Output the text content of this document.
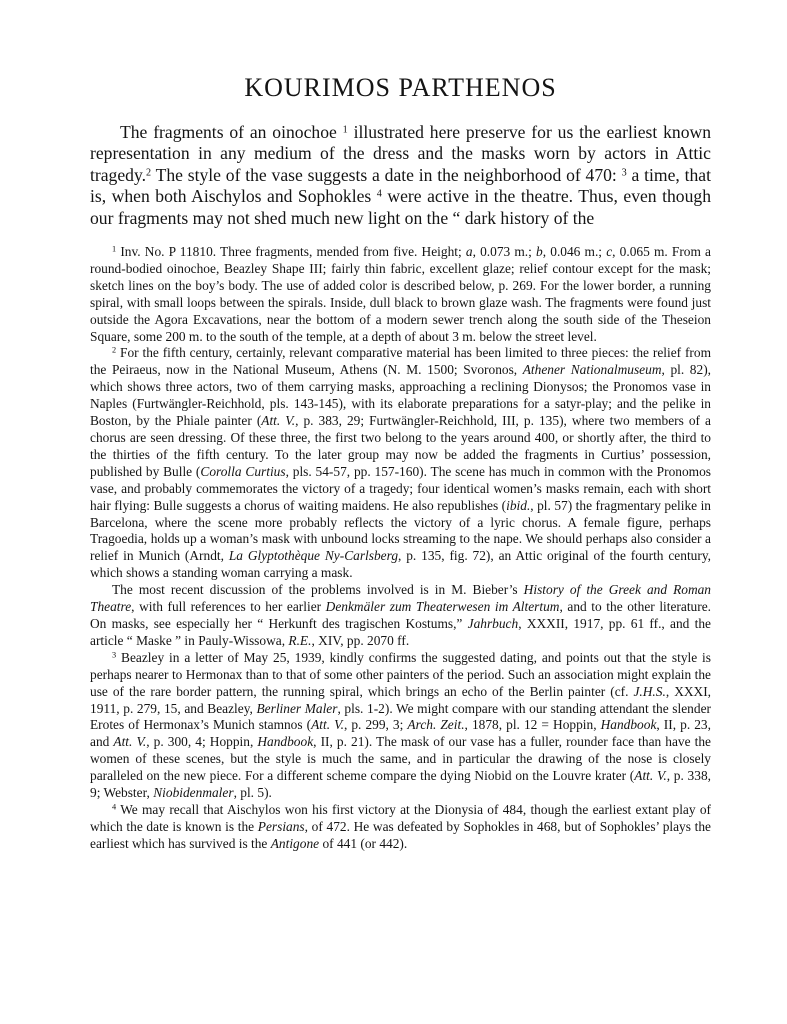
KOURIMOS PARTHENOS

The fragments of an oinochoe $^1$ illustrated here preserve for us the earliest known representation in any medium of the dress and the masks worn by actors in Attic tragedy.$^2$ The style of the vase suggests a date in the neighborhood of 470: $^3$ a time, that is, when both Aischylos and Sophokles $^4$ were active in the theatre. Thus, even though our fragments may not shed much new light on the “ dark history of the

$^1$ Inv. No. P 11810. Three fragments, mended from five. Height; a, 0.073 m.; b, 0.046 m.; c, 0.065 m. From a round-bodied oinochoe, Beazley Shape III; fairly thin fabric, excellent glaze; relief contour except for the mask; sketch lines on the boy’s body. The use of added color is described below, p. 269. For the lower border, a running spiral, with small loops between the spirals. Inside, dull black to brown glaze wash. The fragments were found just outside the Agora Excavations, near the bottom of a modern sewer trench along the south side of the Theseion Square, some 200 m. to the south of the temple, at a depth of about 3 m. below the street level.

$^2$ For the fifth century, certainly, relevant comparative material has been limited to three pieces: the relief from the Peiraeus, now in the National Museum, Athens (N. M. 1500; Svoronos, Athener Nationalmuseum, pl. 82), which shows three actors, two of them carrying masks, approaching a reclining Dionysos; the Pronomos vase in Naples (Furtwängler-Reichhold, pls. 143-145), with its elaborate preparations for a satyr-play; and the pelike in Boston, by the Phiale painter (Att. V., p. 383, 29; Furtwängler-Reichhold, III, p. 135), where two members of a chorus are seen dressing. Of these three, the first two belong to the years around 400, or shortly after, the third to the thirties of the fifth century. To the later group may now be added the fragments in Curtius’ possession, published by Bulle (Corolla Curtius, pls. 54-57, pp. 157-160). The scene has much in common with the Pronomos vase, and probably commemorates the victory of a tragedy; four identical women’s masks remain, each with short hair flying: Bulle suggests a chorus of waiting maidens. He also republishes (ibid., pl. 57) the fragmentary pelike in Barcelona, where the scene more probably reflects the victory of a lyric chorus. A female figure, perhaps Tragoedia, holds up a woman’s mask with unbound locks streaming to the nape. We should perhaps also consider a relief in Munich (Arndt, La Glyptothèque Ny-Carlsberg, p. 135, fig. 72), an Attic original of the fourth century, which shows a standing woman carrying a mask.

The most recent discussion of the problems involved is in M. Bieber’s History of the Greek and Roman Theatre, with full references to her earlier Denkmäler zum Theaterwesen im Altertum, and to the other literature. On masks, see especially her “ Herkunft des tragischen Kostums,” Jahrbuch, XXXII, 1917, pp. 61 ff., and the article “ Maske ” in Pauly-Wissowa, R.E., XIV, pp. 2070 ff.

$^3$ Beazley in a letter of May 25, 1939, kindly confirms the suggested dating, and points out that the style is perhaps nearer to Hermonax than to that of some other painters of the period. Such an association might explain the use of the rare border pattern, the running spiral, which brings an echo of the Berlin painter (cf. J.H.S., XXXI, 1911, p. 279, 15, and Beazley, Berliner Maler, pls. 1-2). We might compare with our standing attendant the slender Erotes of Hermonax’s Munich stamnos (Att. V., p. 299, 3; Arch. Zeit., 1878, pl. 12 = Hoppin, Handbook, II, p. 23, and Att. V., p. 300, 4; Hoppin, Handbook, II, p. 21). The mask of our vase has a fuller, rounder face than have the women of these scenes, but the style is much the same, and in particular the drawing of the nose is closely paralleled on the new piece. For a different scheme compare the dying Niobid on the Louvre krater (Att. V., p. 338, 9; Webster, Niobidenmaler, pl. 5).

$^4$ We may recall that Aischylos won his first victory at the Dionysia of 484, though the earliest extant play of which the date is known is the Persians, of 472. He was defeated by Sophokles in 468, but of Sophokles’ plays the earliest which has survived is the Antigone of 441 (or 442).
